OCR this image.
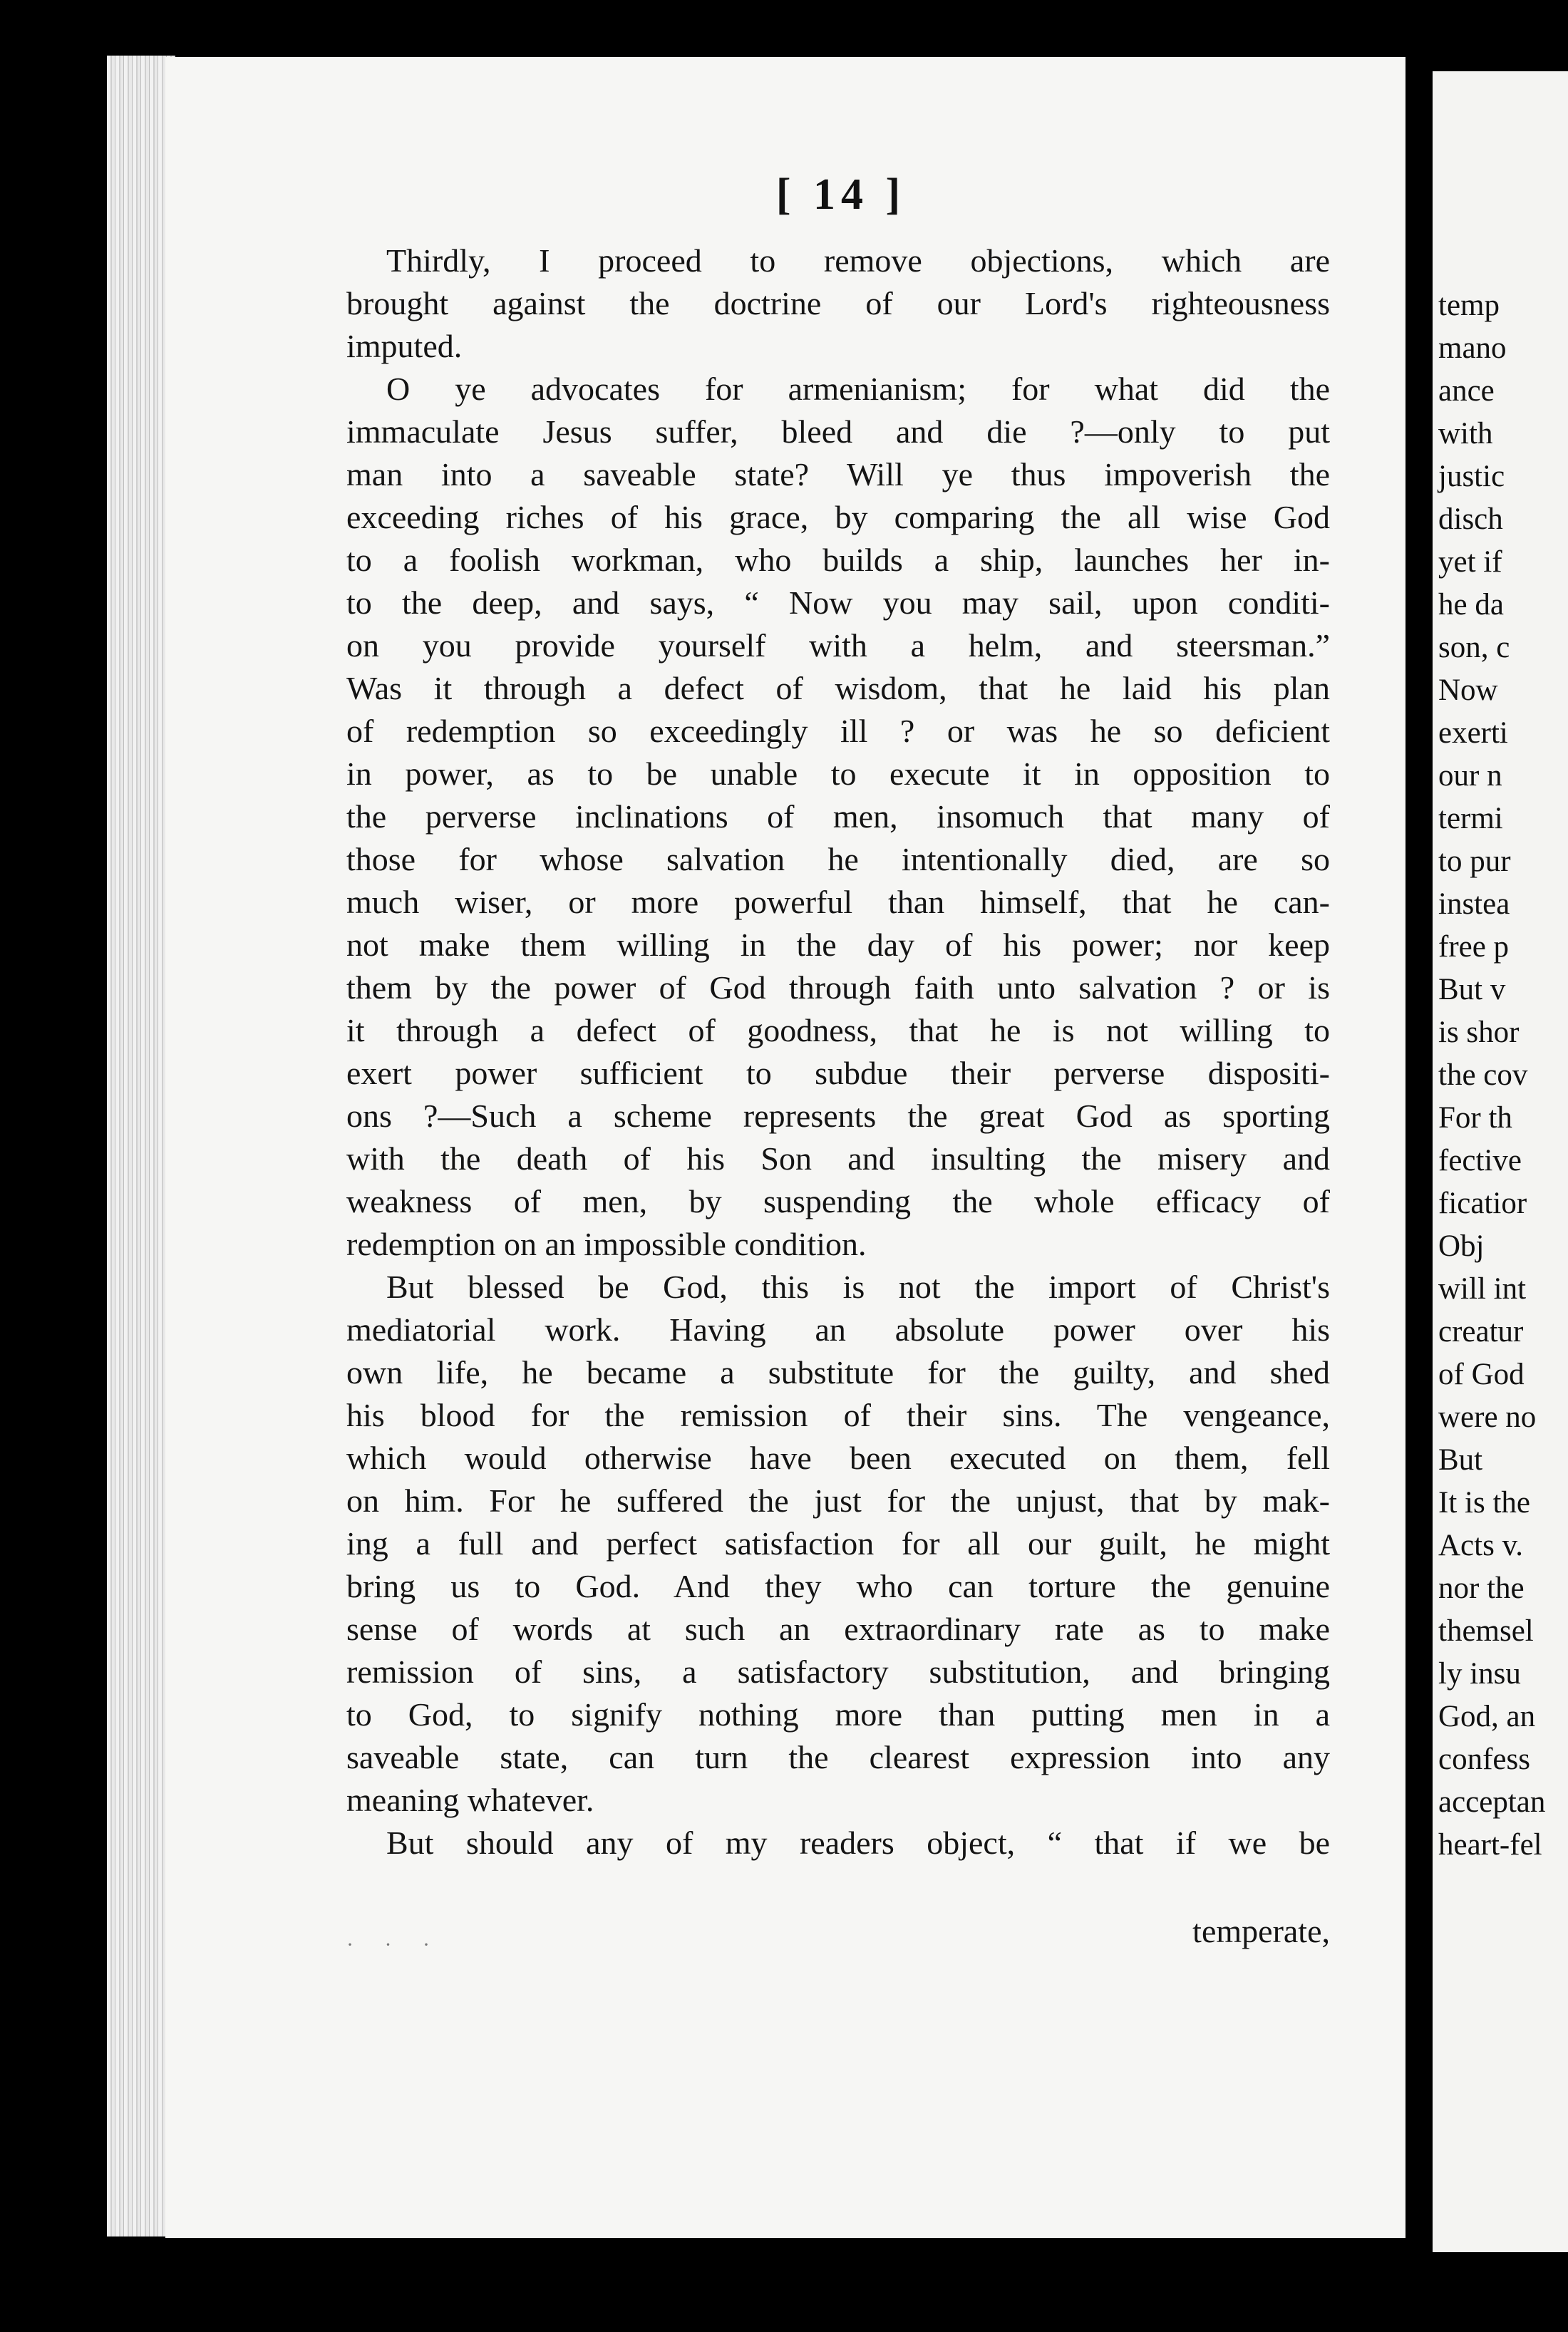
temp
mano
ance
with
justic
disch
yet if
he da
son, c
Now
exerti
our n
termi
to pur
instea
free p
But v
is shor
the cov
For th
fective
ficatior
Obj
will int
creatur
of God
were no
But
It is the
Acts v.
nor the
themsel
ly insu
God, an
confess
acceptan
heart-fel
[ 14 ]
Thirdly, I proceed to remove objections, which are
brought against the doctrine of our Lord's righteousness
imputed.
O ye advocates for armenianism; for what did the
immaculate Jesus suffer, bleed and die ?—only to put
man into a saveable state? Will ye thus impoverish the
exceeding riches of his grace, by comparing the all wise God
to a foolish workman, who builds a ship, launches her in-
to the deep, and says, “ Now you may sail, upon conditi-
on you provide yourself with a helm, and steersman.”
Was it through a defect of wisdom, that he laid his plan
of redemption so exceedingly ill ? or was he so deficient
in power, as to be unable to execute it in opposition to
the perverse inclinations of men, insomuch that many of
those for whose salvation he intentionally died, are so
much wiser, or more powerful than himself, that he can-
not make them willing in the day of his power; nor keep
them by the power of God through faith unto salvation ? or is
it through a defect of goodness, that he is not willing to
exert power sufficient to subdue their perverse dispositi-
ons ?—Such a scheme represents the great God as sporting
with the death of his Son and insulting the misery and
weakness of men, by suspending the whole efficacy of
redemption on an impossible condition.
But blessed be God, this is not the import of Christ's
mediatorial work. Having an absolute power over his
own life, he became a substitute for the guilty, and shed
his blood for the remission of their sins. The vengeance,
which would otherwise have been executed on them, fell
on him. For he suffered the just for the unjust, that by mak-
ing a full and perfect satisfaction for all our guilt, he might
bring us to God. And they who can torture the genuine
sense of words at such an extraordinary rate as to make
remission of sins, a satisfactory substitution, and bringing
to God, to signify nothing more than putting men in a
saveable state, can turn the clearest expression into any
meaning whatever.
But should any of my readers object, “ that if we be
temperate,
· · ·
